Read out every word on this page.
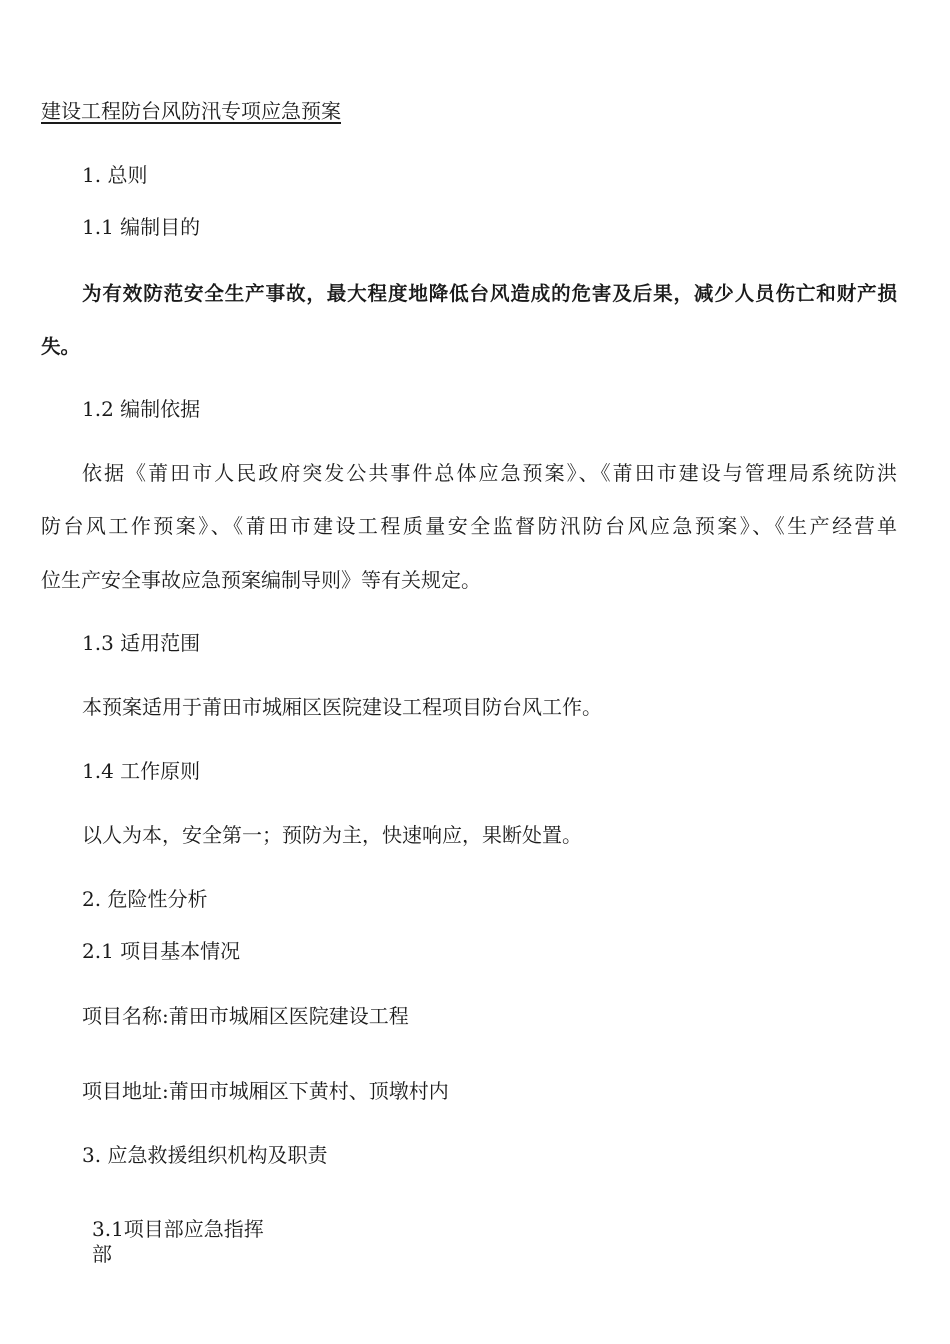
建设工程防台风防汛专项应急预案
1. 总则
1.1 编制目的
为有效防范安全生产事故，最大程度地降低台风造成的危害及后果，减少人员伤亡和财产损
失。
1.2 编制依据
依据《莆田市人民政府突发公共事件总体应急预案》、《莆田市建设与管理局系统防洪
防台风工作预案》、《莆田市建设工程质量安全监督防汛防台风应急预案》、《生产经营单
位生产安全事故应急预案编制导则》等有关规定。
1.3 适用范围
本预案适用于莆田市城厢区医院建设工程项目防台风工作。
1.4 工作原则
以人为本，安全第一；预防为主，快速响应，果断处置。
2. 危险性分析
2.1 项目基本情况
项目名称:莆田市城厢区医院建设工程
项目地址:莆田市城厢区下黄村、顶墩村内
3. 应急救援组织机构及职责
3.1项目部应急指挥
部
